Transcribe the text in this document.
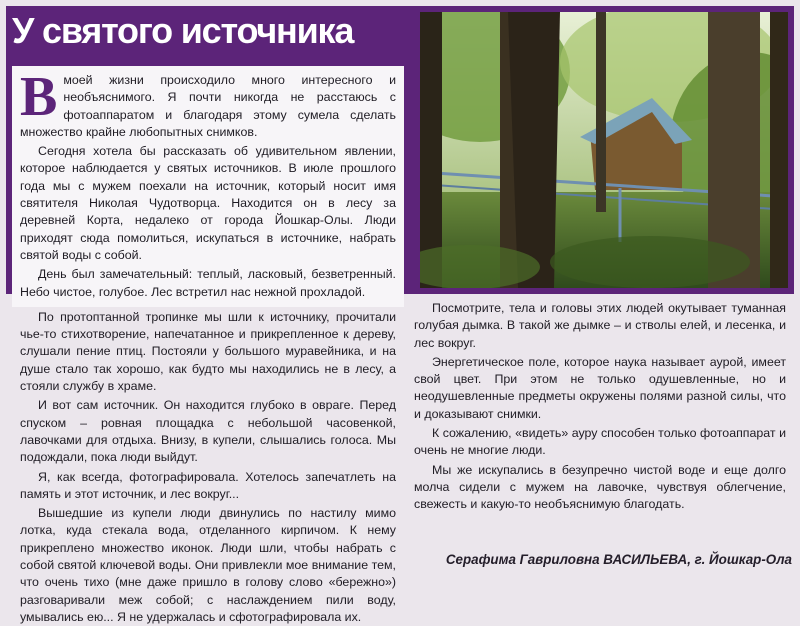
У святого источника

Вмоей жизни происходило много интересного и необъяснимого. Я почти никогда не расстаюсь с фотоаппаратом и благодаря этому сумела сделать множество крайне любопытных снимков.

Сегодня хотела бы рассказать об удивительном явлении, которое наблюдается у святых источников. В июле прошлого года мы с мужем поехали на источник, который носит имя святителя Николая Чудотворца. Находится он в лесу за деревней Корта, недалеко от города Йошкар-Олы. Люди приходят сюда помолиться, искупаться в источнике, набрать святой воды с собой.

День был замечательный: теплый, ласковый, безветренный. Небо чистое, голубое. Лес встретил нас нежной прохладой.

По протоптанной тропинке мы шли к источнику, прочитали чье-то стихотворение, напечатанное и прикрепленное к дереву, слушали пение птиц. Постояли у большого муравейника, и на душе стало так хорошо, как будто мы находились не в лесу, а стояли службу в храме.

И вот сам источник. Он находится глубоко в овраге. Перед спуском – ровная площадка с небольшой часовенкой, лавочками для отдыха. Внизу, в купели, слышались голоса. Мы подождали, пока люди выйдут.

Я, как всегда, фотографировала. Хотелось запечатлеть на память и этот источник, и лес вокруг...

Вышедшие из купели люди двинулись по настилу мимо лотка, куда стекала вода, отделанного кирпичом. К нему прикреплено множество иконок. Люди шли, чтобы набрать с собой святой ключевой воды. Они привлекли мое внимание тем, что очень тихо (мне даже пришло в голову слово «бережно») разговаривали меж собой; с наслаждением пили воду, умывались ею... Я не удержалась и сфотографировала их.

Посмотрите, тела и головы этих людей окутывает туманная голубая дымка. В такой же дымке – и стволы елей, и лесенка, и лес вокруг.

Энергетическое поле, которое наука называет аурой, имеет свой цвет. При этом не только одушевленные, но и неодушевленные предметы окружены полями разной силы, что и доказывают снимки.

К сожалению, «видеть» ауру способен только фотоаппарат и очень не многие люди.

Мы же искупались в безупречно чистой воде и еще долго молча сидели с мужем на лавочке, чувствуя облегчение, свежесть и какую-то необъяснимую благодать.

Серафима Гавриловна ВАСИЛЬЕВА, г. Йошкар-Ола
